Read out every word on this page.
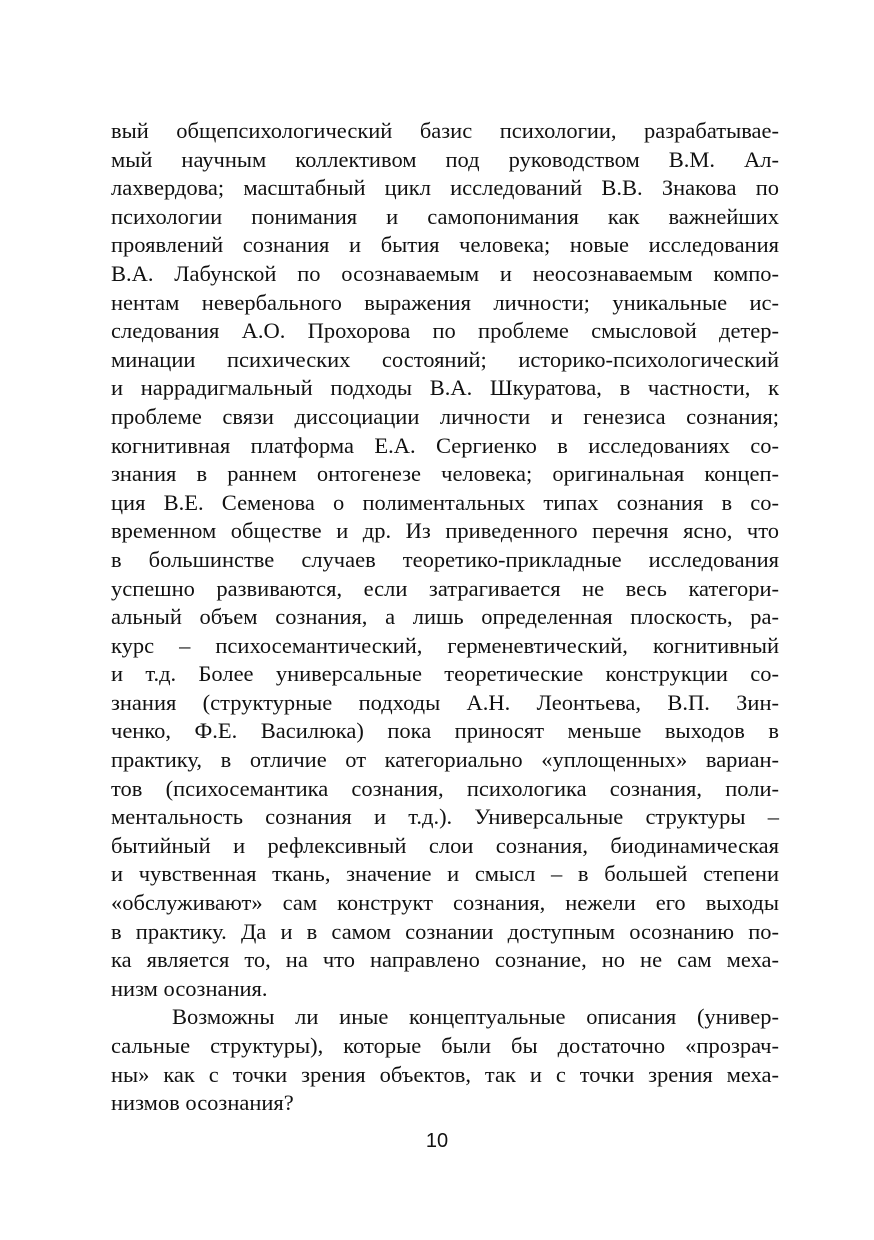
вый общепсихологический базис психологии, разрабатывае-
мый научным коллективом под руководством В.М. Ал-
лахвердова; масштабный цикл исследований В.В. Знакова по
психологии понимания и самопонимания как важнейших
проявлений сознания и бытия человека; новые исследования
В.А. Лабунской по осознаваемым и неосознаваемым компо-
нентам невербального выражения личности; уникальные ис-
следования А.О. Прохорова по проблеме смысловой детер-
минации психических состояний; историко-психологический
и наррадигмальный подходы В.А. Шкуратова, в частности, к
проблеме связи диссоциации личности и генезиса сознания;
когнитивная платформа Е.А. Сергиенко в исследованиях со-
знания в раннем онтогенезе человека; оригинальная концеп-
ция В.Е. Семенова о полиментальных типах сознания в со-
временном обществе и др. Из приведенного перечня ясно, что
в большинстве случаев теоретико-прикладные исследования
успешно развиваются, если затрагивается не весь категори-
альный объем сознания, а лишь определенная плоскость, ра-
курс – психосемантический, герменевтический, когнитивный
и т.д. Более универсальные теоретические конструкции со-
знания (структурные подходы А.Н. Леонтьева, В.П. Зин-
ченко, Ф.Е. Василюка) пока приносят меньше выходов в
практику, в отличие от категориально «уплощенных» вариан-
тов (психосемантика сознания, психологика сознания, поли-
ментальность сознания и т.д.). Универсальные структуры –
бытийный и рефлексивный слои сознания, биодинамическая
и чувственная ткань, значение и смысл – в большей степени
«обслуживают» сам конструкт сознания, нежели его выходы
в практику. Да и в самом сознании доступным осознанию по-
ка является то, на что направлено сознание, но не сам меха-
низм осознания.
Возможны ли иные концептуальные описания (универ-
сальные структуры), которые были бы достаточно «прозрач-
ны» как с точки зрения объектов, так и с точки зрения меха-
низмов осознания?
10
